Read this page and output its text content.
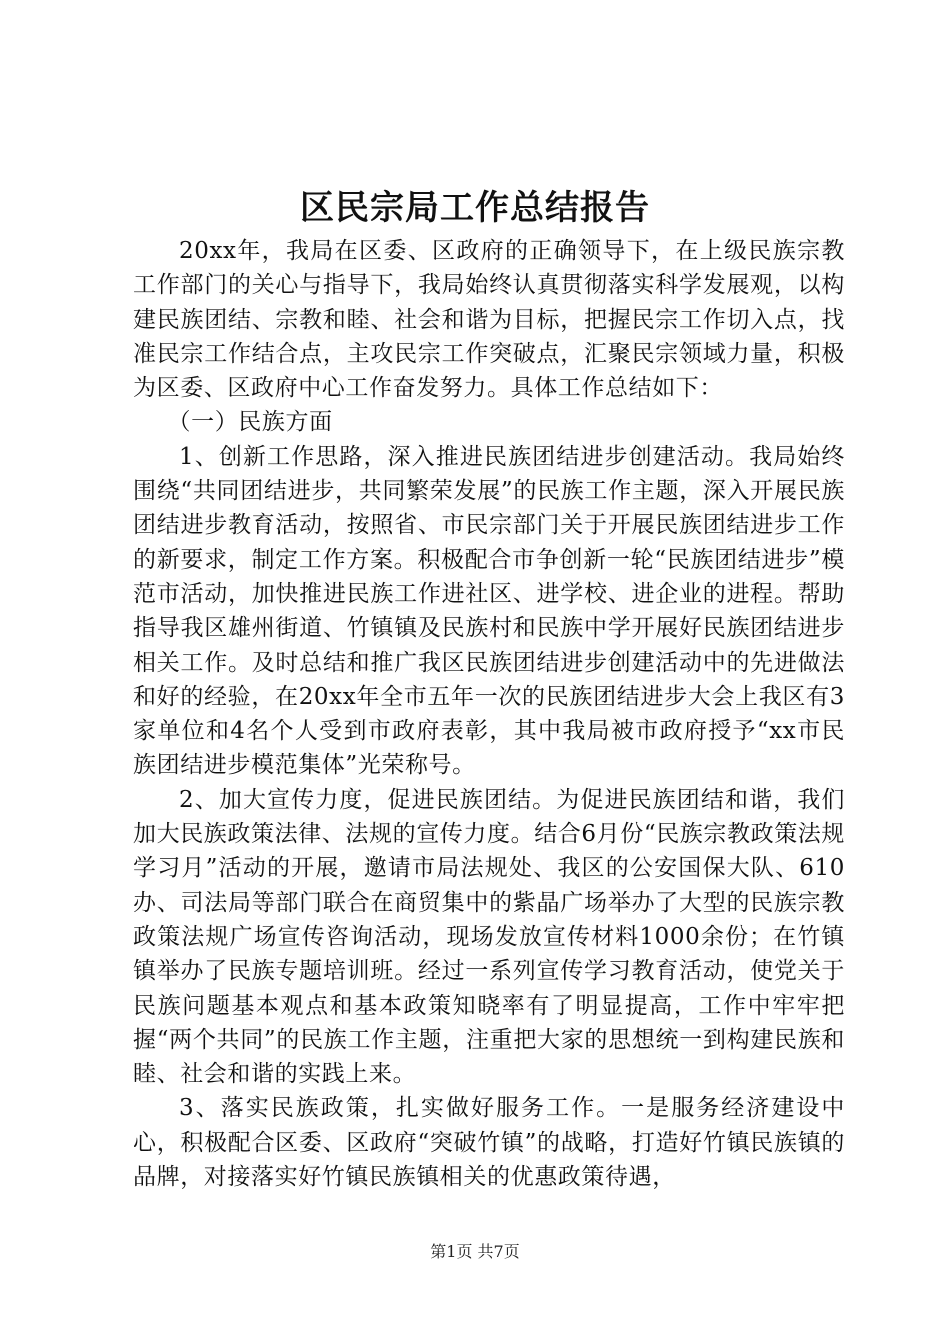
区民宗局工作总结报告

20xx年，我局在区委、区政府的正确领导下，在上级民族宗教工作部门的关心与指导下，我局始终认真贯彻落实科学发展观，以构建民族团结、宗教和睦、社会和谐为目标，把握民宗工作切入点，找准民宗工作结合点，主攻民宗工作突破点，汇聚民宗领域力量，积极为区委、区政府中心工作奋发努力。具体工作总结如下：

（一）民族方面

1、创新工作思路，深入推进民族团结进步创建活动。我局始终围绕“共同团结进步，共同繁荣发展”的民族工作主题，深入开展民族团结进步教育活动，按照省、市民宗部门关于开展民族团结进步工作的新要求，制定工作方案。积极配合市争创新一轮“民族团结进步”模范市活动，加快推进民族工作进社区、进学校、进企业的进程。帮助指导我区雄州街道、竹镇镇及民族村和民族中学开展好民族团结进步相关工作。及时总结和推广我区民族团结进步创建活动中的先进做法和好的经验，在20xx年全市五年一次的民族团结进步大会上我区有3家单位和4名个人受到市政府表彰，其中我局被市政府授予“xx市民族团结进步模范集体”光荣称号。

2、加大宣传力度，促进民族团结。为促进民族团结和谐，我们加大民族政策法律、法规的宣传力度。结合6月份“民族宗教政策法规学习月”活动的开展，邀请市局法规处、我区的公安国保大队、610办、司法局等部门联合在商贸集中的紫晶广场举办了大型的民族宗教政策法规广场宣传咨询活动，现场发放宣传材料1000余份；在竹镇镇举办了民族专题培训班。经过一系列宣传学习教育活动，使党关于民族问题基本观点和基本政策知晓率有了明显提高，工作中牢牢把握“两个共同”的民族工作主题，注重把大家的思想统一到构建民族和睦、社会和谐的实践上来。

3、落实民族政策，扎实做好服务工作。一是服务经济建设中心，积极配合区委、区政府“突破竹镇”的战略，打造好竹镇民族镇的品牌，对接落实好竹镇民族镇相关的优惠政策待遇，

第1页 共7页
